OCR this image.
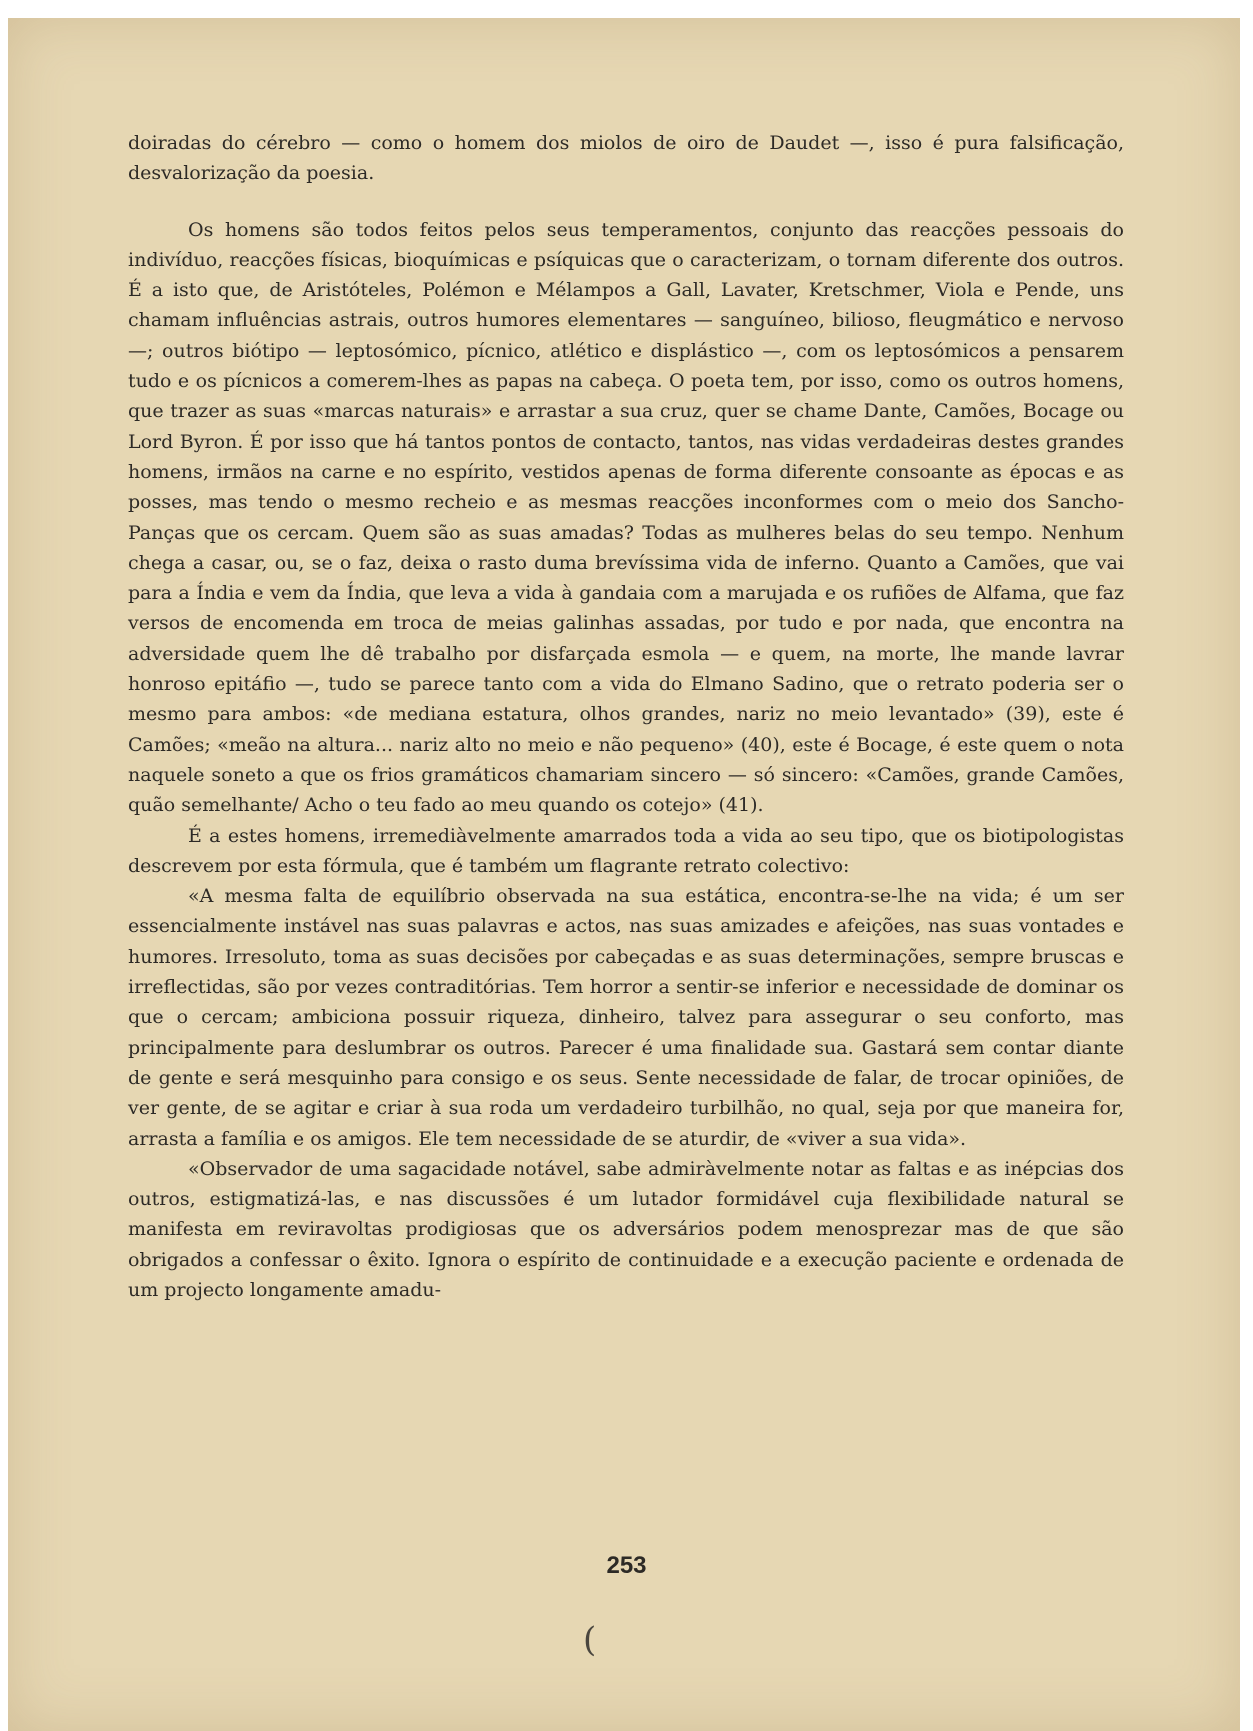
doiradas do cérebro — como o homem dos miolos de oiro de Daudet —, isso é pura falsificação, desvalorização da poesia.

Os homens são todos feitos pelos seus temperamentos, conjunto das reacções pessoais do indivíduo, reacções físicas, bioquímicas e psíquicas que o caracterizam, o tornam diferente dos outros. É a isto que, de Aristóteles, Polémon e Mélampos a Gall, Lavater, Kretschmer, Viola e Pende, uns chamam influências astrais, outros humores elementares — sanguíneo, bilioso, fleugmático e nervoso —; outros biótipo — leptosómico, pícnico, atlético e displástico —, com os leptosómicos a pensarem tudo e os pícnicos a comerem-lhes as papas na cabeça. O poeta tem, por isso, como os outros homens, que trazer as suas «marcas naturais» e arrastar a sua cruz, quer se chame Dante, Camões, Bocage ou Lord Byron. É por isso que há tantos pontos de contacto, tantos, nas vidas verdadeiras destes grandes homens, irmãos na carne e no espírito, vestidos apenas de forma diferente consoante as épocas e as posses, mas tendo o mesmo recheio e as mesmas reacções inconformes com o meio dos Sancho-Panças que os cercam. Quem são as suas amadas? Todas as mulheres belas do seu tempo. Nenhum chega a casar, ou, se o faz, deixa o rasto duma brevíssima vida de inferno. Quanto a Camões, que vai para a Índia e vem da Índia, que leva a vida à gandaia com a marujada e os rufiões de Alfama, que faz versos de encomenda em troca de meias galinhas assadas, por tudo e por nada, que encontra na adversidade quem lhe dê trabalho por disfarçada esmola — e quem, na morte, lhe mande lavrar honroso epitáfio —, tudo se parece tanto com a vida do Elmano Sadino, que o retrato poderia ser o mesmo para ambos: «de mediana estatura, olhos grandes, nariz no meio levantado» (39), este é Camões; «meão na altura... nariz alto no meio e não pequeno» (40), este é Bocage, é este quem o nota naquele soneto a que os frios gramáticos chamariam sincero — só sincero: «Camões, grande Camões, quão semelhante/ Acho o teu fado ao meu quando os cotejo» (41).

É a estes homens, irremediàvelmente amarrados toda a vida ao seu tipo, que os biotipologistas descrevem por esta fórmula, que é também um flagrante retrato colectivo:

«A mesma falta de equilíbrio observada na sua estática, encontra-se-lhe na vida; é um ser essencialmente instável nas suas palavras e actos, nas suas amizades e afeições, nas suas vontades e humores. Irresoluto, toma as suas decisões por cabeçadas e as suas determinações, sempre bruscas e irreflectidas, são por vezes contraditórias. Tem horror a sentir-se inferior e necessidade de dominar os que o cercam; ambiciona possuir riqueza, dinheiro, talvez para assegurar o seu conforto, mas principalmente para deslumbrar os outros. Parecer é uma finalidade sua. Gastará sem contar diante de gente e será mesquinho para consigo e os seus. Sente necessidade de falar, de trocar opiniões, de ver gente, de se agitar e criar à sua roda um verdadeiro turbilhão, no qual, seja por que maneira for, arrasta a família e os amigos. Ele tem necessidade de se aturdir, de «viver a sua vida».

«Observador de uma sagacidade notável, sabe admiràvelmente notar as faltas e as inépcias dos outros, estigmatizá-las, e nas discussões é um lutador formidável cuja flexibilidade natural se manifesta em reviravoltas prodigiosas que os adversários podem menosprezar mas de que são obrigados a confessar o êxito. Ignora o espírito de continuidade e a execução paciente e ordenada de um projecto longamente amadu-

253
(
